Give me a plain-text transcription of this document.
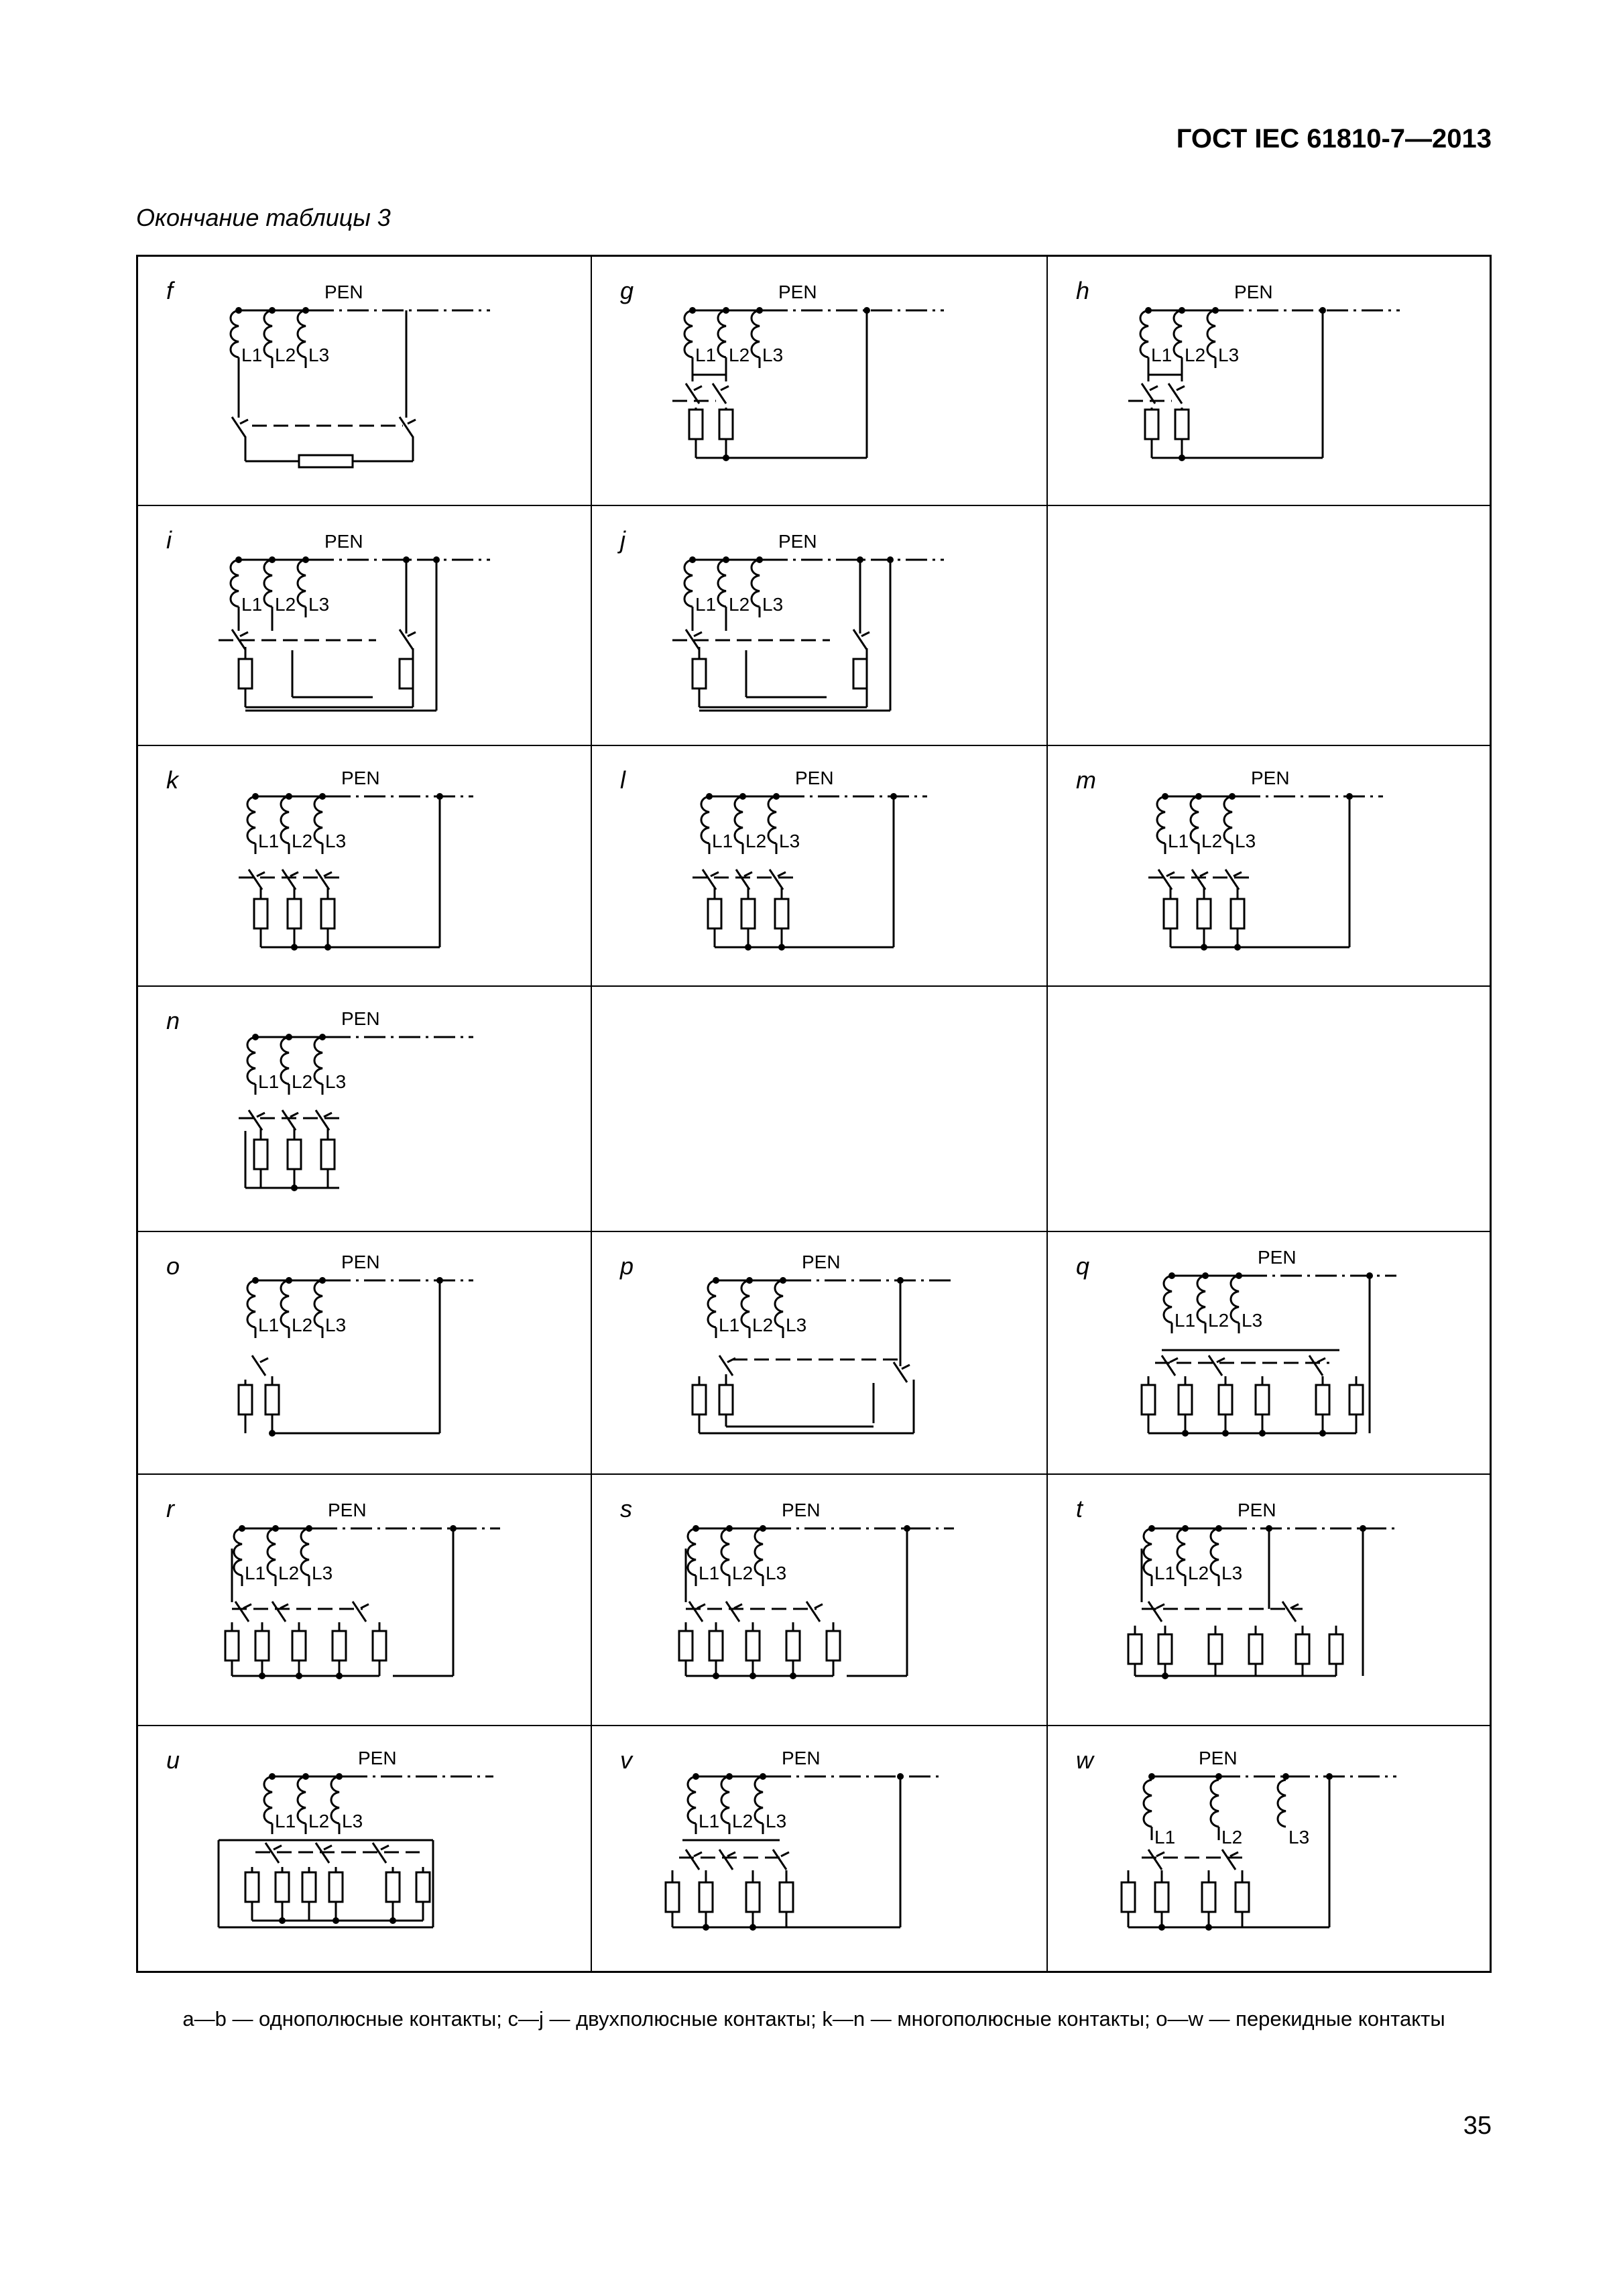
ГОСТ IEC 61810-7—2013
Окончание таблицы 3
f	PEN
L1 L2 L3
g	PEN
L1 L2 L3
h	PEN
L1 L2 L3
i	PEN
L1 L2 L3
j	PEN
L1 L2 L3
k	PEN
L1 L2 L3
l	PEN
L1 L2 L3
m	PEN
L1 L2 L3
n	PEN
L1 L2 L3
o	PEN
L1 L2 L3
p	PEN
L1 L2 L3
q	PEN
L1 L2 L3
r	PEN
L1 L2 L3
s	PEN
L1 L2 L3
t	PEN
L1 L2 L3
u	PEN
L1 L2 L3
v	PEN
L1 L2 L3
w	PEN
L1 L2 L3
a—b — однополюсные контакты; c—j — двухполюсные контакты; k—n — многополюсные контакты; o—w — перекидные контакты
35
